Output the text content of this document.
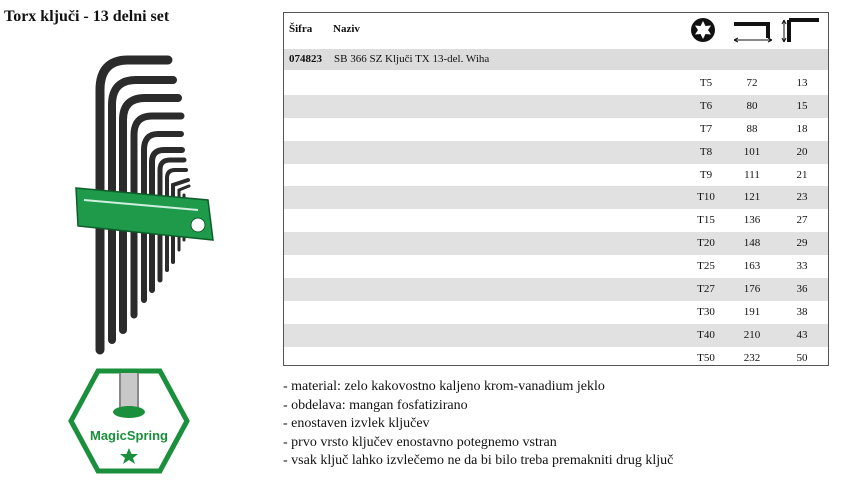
Torx ključi - 13 delni set
MagicSpring
Šifra Naziv
074823 SB 366 SZ Ključi TX 13-del. Wiha
T5	72	13
T6	80	15
T7	88	18
T8	101	20
T9	111	21
T10	121	23
T15	136	27
T20	148	29
T25	163	33
T27	176	36
T30	191	38
T40	210	43
T50	232	50
- material: zelo kakovostno kaljeno krom-vanadium jeklo
- obdelava: mangan fosfatizirano
- enostaven izvlek ključev
- prvo vrsto ključev enostavno potegnemo vstran
- vsak ključ lahko izvlečemo ne da bi bilo treba premakniti drug ključ
